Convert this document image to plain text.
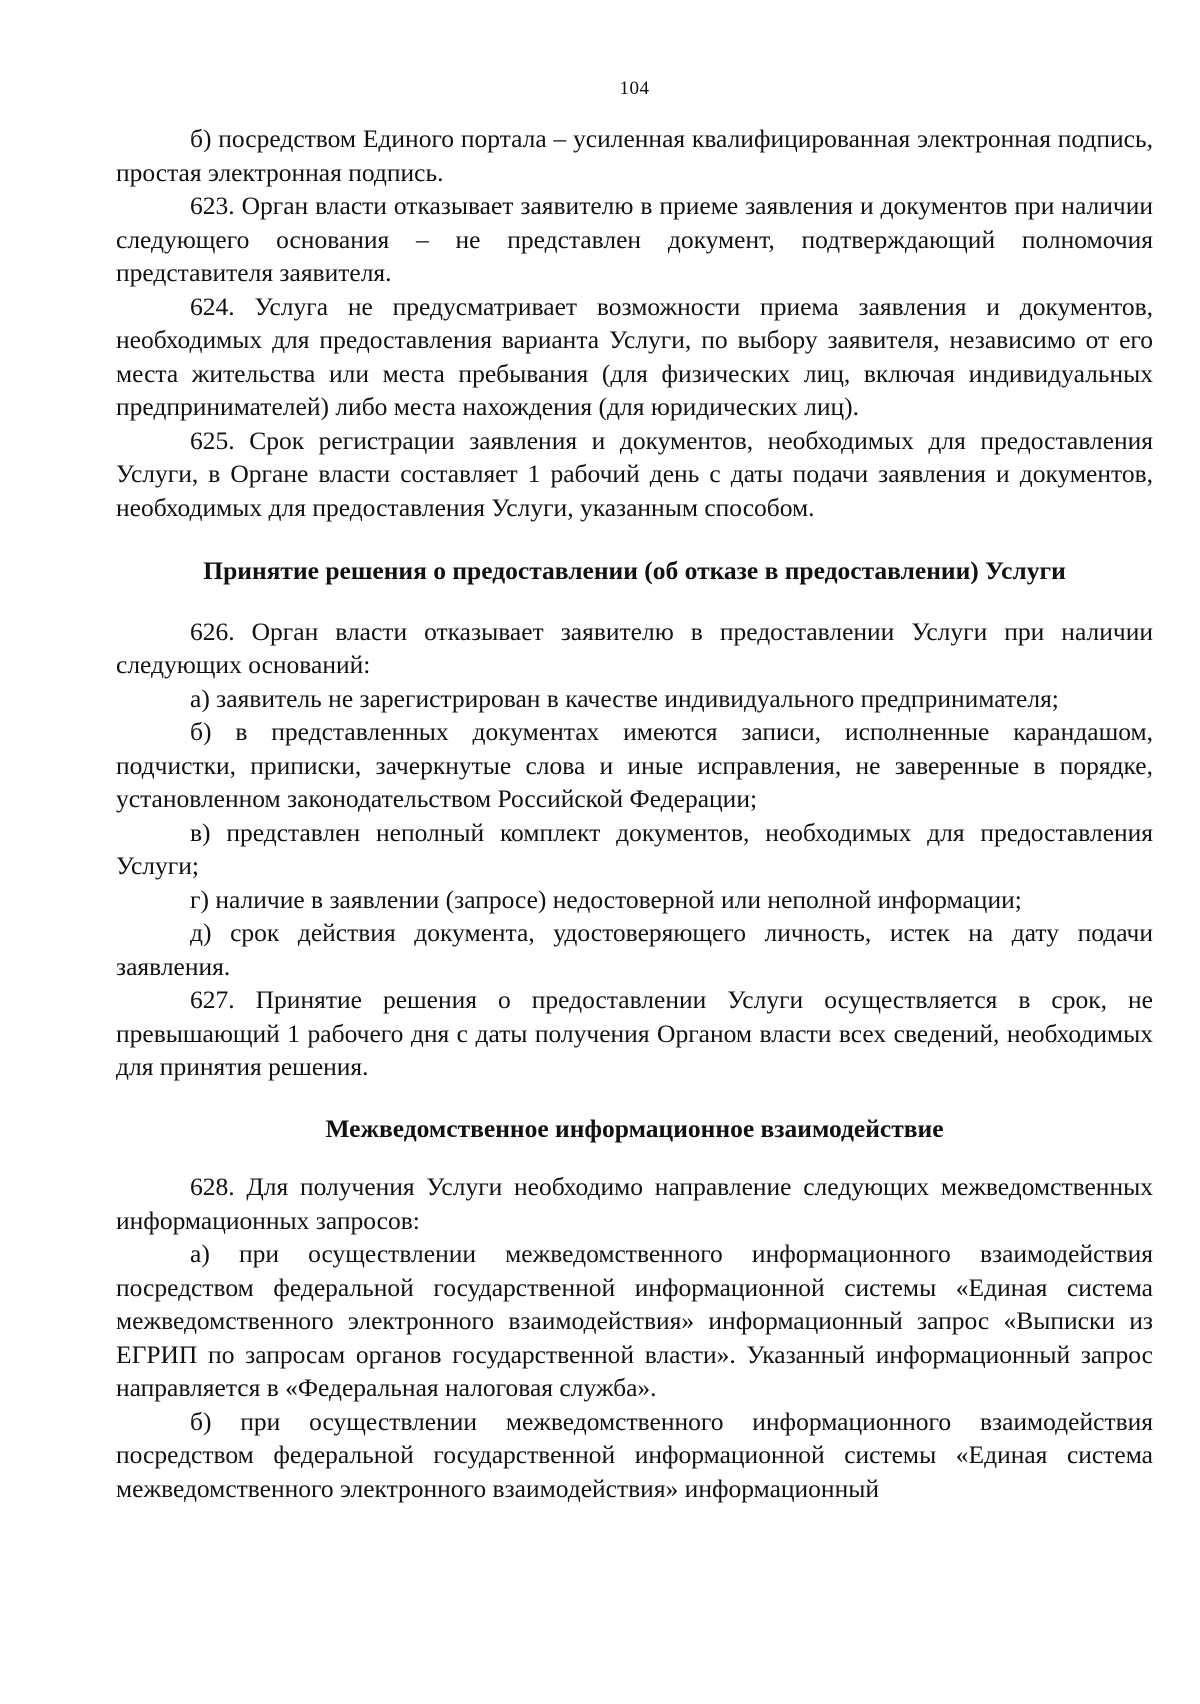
104

б) посредством Единого портала – усиленная квалифицированная электронная подпись, простая электронная подпись.

623. Орган власти отказывает заявителю в приеме заявления и документов при наличии следующего основания – не представлен документ, подтверждающий полномочия представителя заявителя.

624. Услуга не предусматривает возможности приема заявления и документов, необходимых для предоставления варианта Услуги, по выбору заявителя, независимо от его места жительства или места пребывания (для физических лиц, включая индивидуальных предпринимателей) либо места нахождения (для юридических лиц).

625. Срок регистрации заявления и документов, необходимых для предоставления Услуги, в Органе власти составляет 1 рабочий день с даты подачи заявления и документов, необходимых для предоставления Услуги, указанным способом.

Принятие решения о предоставлении (об отказе в предоставлении) Услуги

626. Орган власти отказывает заявителю в предоставлении Услуги при наличии следующих оснований:

а) заявитель не зарегистрирован в качестве индивидуального предпринимателя;

б) в представленных документах имеются записи, исполненные карандашом, подчистки, приписки, зачеркнутые слова и иные исправления, не заверенные в порядке, установленном законодательством Российской Федерации;

в) представлен неполный комплект документов, необходимых для предоставления Услуги;

г) наличие в заявлении (запросе) недостоверной или неполной информации;

д) срок действия документа, удостоверяющего личность, истек на дату подачи заявления.

627. Принятие решения о предоставлении Услуги осуществляется в срок, не превышающий 1 рабочего дня с даты получения Органом власти всех сведений, необходимых для принятия решения.

Межведомственное информационное взаимодействие

628. Для получения Услуги необходимо направление следующих межведомственных информационных запросов:

а) при осуществлении межведомственного информационного взаимодействия посредством федеральной государственной информационной системы «Единая система межведомственного электронного взаимодействия» информационный запрос «Выписки из ЕГРИП по запросам органов государственной власти». Указанный информационный запрос направляется в «Федеральная налоговая служба».

б) при осуществлении межведомственного информационного взаимодействия посредством федеральной государственной информационной системы «Единая система межведомственного электронного взаимодействия» информационный
